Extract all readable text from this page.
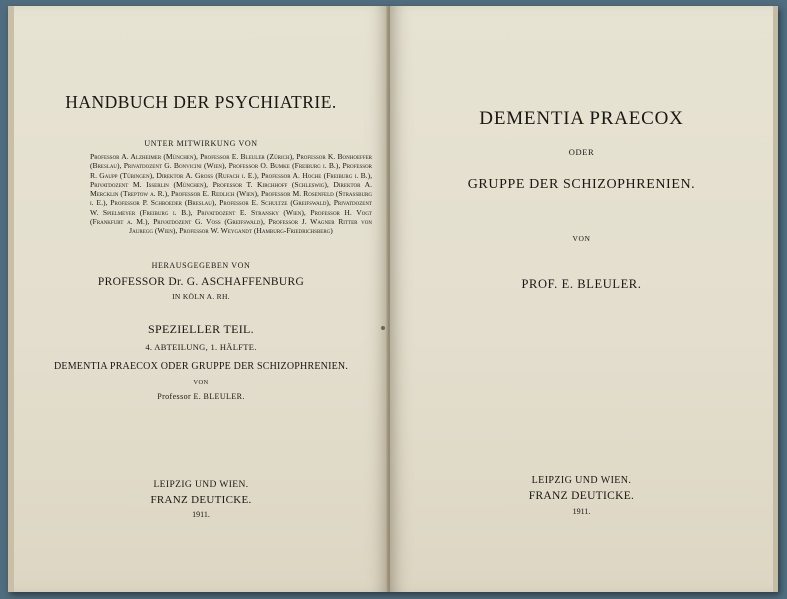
HANDBUCH DER PSYCHIATRIE.
UNTER MITWIRKUNG VON
Professor A. Alzheimer (München), Professor E. Bleuler (Zürich), Professor K. Bonhoeffer (Breslau), Privatdozent G. Bonvicini (Wien), Professor O. Bumke (Freiburg i. B.), Professor R. Gaupp (Tübingen), Direktor A. Gross (Rufach i. E.), Professor A. Hoche (Freiburg i. B.), Privatdozent M. Isserlin (München), Professor T. Kirchhoff (Schleswig), Direktor A. Mercklin (Treptow a. R.), Professor E. Redlich (Wien), Professor M. Rosenfeld (Strassburg i. E.), Professor P. Schroeder (Breslau), Professor E. Schultze (Greifswald), Privatdozent W. Spielmeyer (Freiburg i. B.), Privatdozent E. Stransky (Wien), Professor H. Vogt (Frankfurt a. M.), Privatdozent G. Voss (Greifswald), Professor J. Wagner Ritter von Jauregg (Wien), Professor W. Weygandt (Hamburg-Friedrichsberg)
HERAUSGEGEBEN VON
PROFESSOR Dr. G. ASCHAFFENBURG
IN KÖLN A. RH.
SPEZIELLER TEIL.
4. ABTEILUNG, 1. HÄLFTE.
DEMENTIA PRAECOX ODER GRUPPE DER SCHIZOPHRENIEN.
VON
Professor E. BLEULER.
LEIPZIG UND WIEN.
FRANZ DEUTICKE.
1911.
DEMENTIA PRAECOX
ODER
GRUPPE DER SCHIZOPHRENIEN.
VON
PROF. E. BLEULER.
LEIPZIG UND WIEN.
FRANZ DEUTICKE.
1911.
